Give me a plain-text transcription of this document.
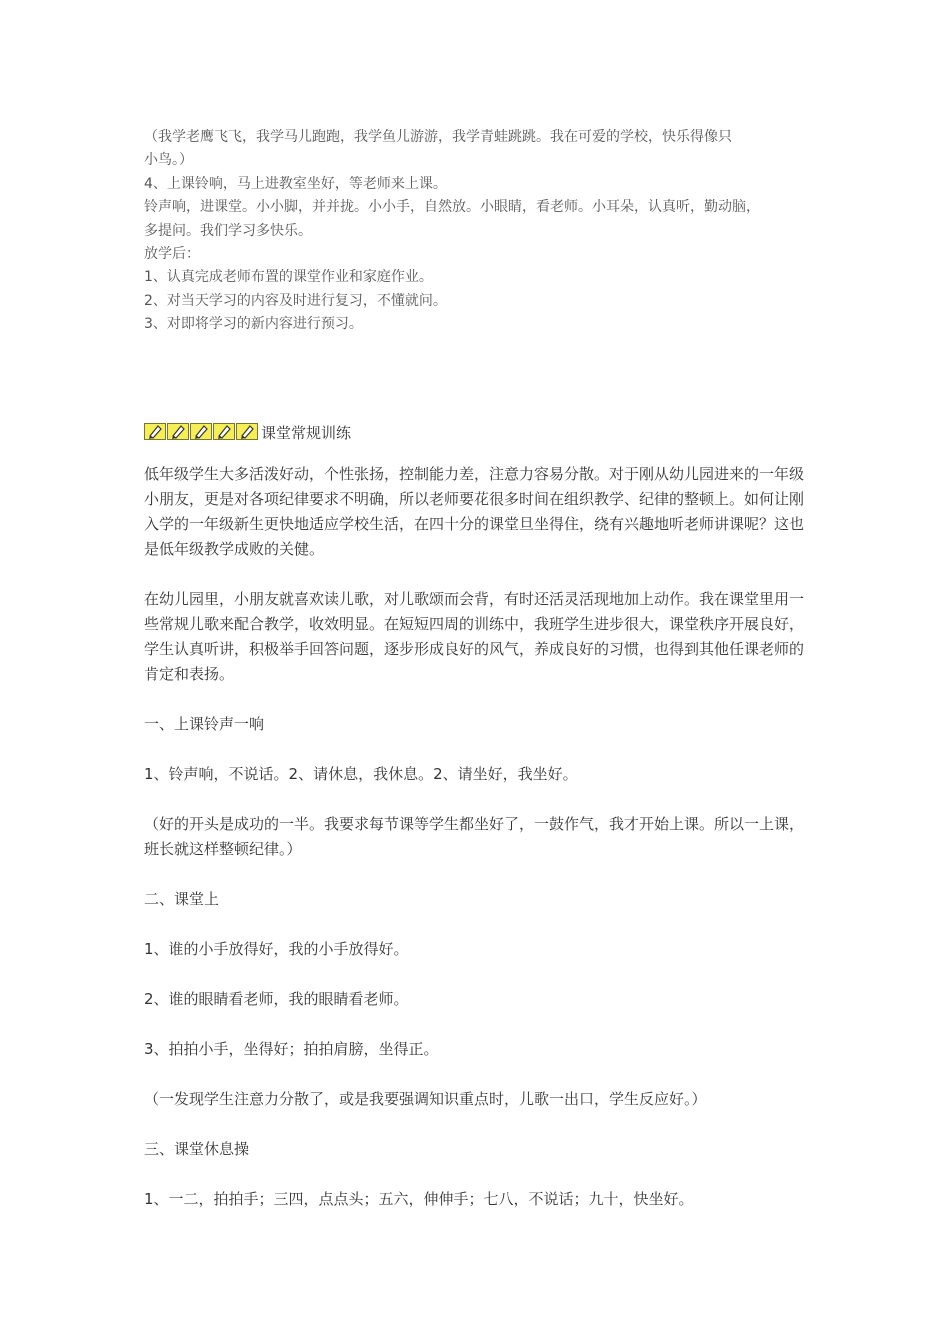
（我学老鹰飞飞，我学马儿跑跑，我学鱼儿游游，我学青蛙跳跳。我在可爱的学校，快乐得像只

小鸟。）

4、上课铃响，马上进教室坐好，等老师来上课。

铃声响，进课堂。小小脚，并并拢。小小手，自然放。小眼睛，看老师。小耳朵，认真听，勤动脑，

多提问。我们学习多快乐。

放学后：

1、认真完成老师布置的课堂作业和家庭作业。

2、对当天学习的内容及时进行复习，不懂就问。

3、对即将学习的新内容进行预习。

课堂常规训练

低年级学生大多活泼好动，个性张扬，控制能力差，注意力容易分散。对于刚从幼儿园进来的一年级小朋友，更是对各项纪律要求不明确，所以老师要花很多时间在组织教学、纪律的整顿上。如何让刚入学的一年级新生更快地适应学校生活，在四十分的课堂旦坐得住，绕有兴趣地听老师讲课呢？这也是低年级教学成败的关健。

在幼儿园里，小朋友就喜欢读儿歌，对儿歌颂而会背，有时还活灵活现地加上动作。我在课堂里用一些常规儿歌来配合教学，收效明显。在短短四周的训练中，我班学生进步很大，课堂秩序开展良好，学生认真听讲，积极举手回答问题，逐步形成良好的风气，养成良好的习惯，也得到其他任课老师的肯定和表扬。

一、上课铃声一响

1、铃声响，不说话。2、请休息，我休息。2、请坐好，我坐好。

（好的开头是成功的一半。我要求每节课等学生都坐好了，一鼓作气，我才开始上课。所以一上课，班长就这样整顿纪律。）

二、课堂上

1、谁的小手放得好，我的小手放得好。

2、谁的眼睛看老师，我的眼睛看老师。

3、拍拍小手，坐得好；拍拍肩膀，坐得正。

（一发现学生注意力分散了，或是我要强调知识重点时，儿歌一出口，学生反应好。）

三、课堂休息操

1、一二，拍拍手；三四，点点头；五六，伸伸手；七八，不说话；九十，快坐好。
